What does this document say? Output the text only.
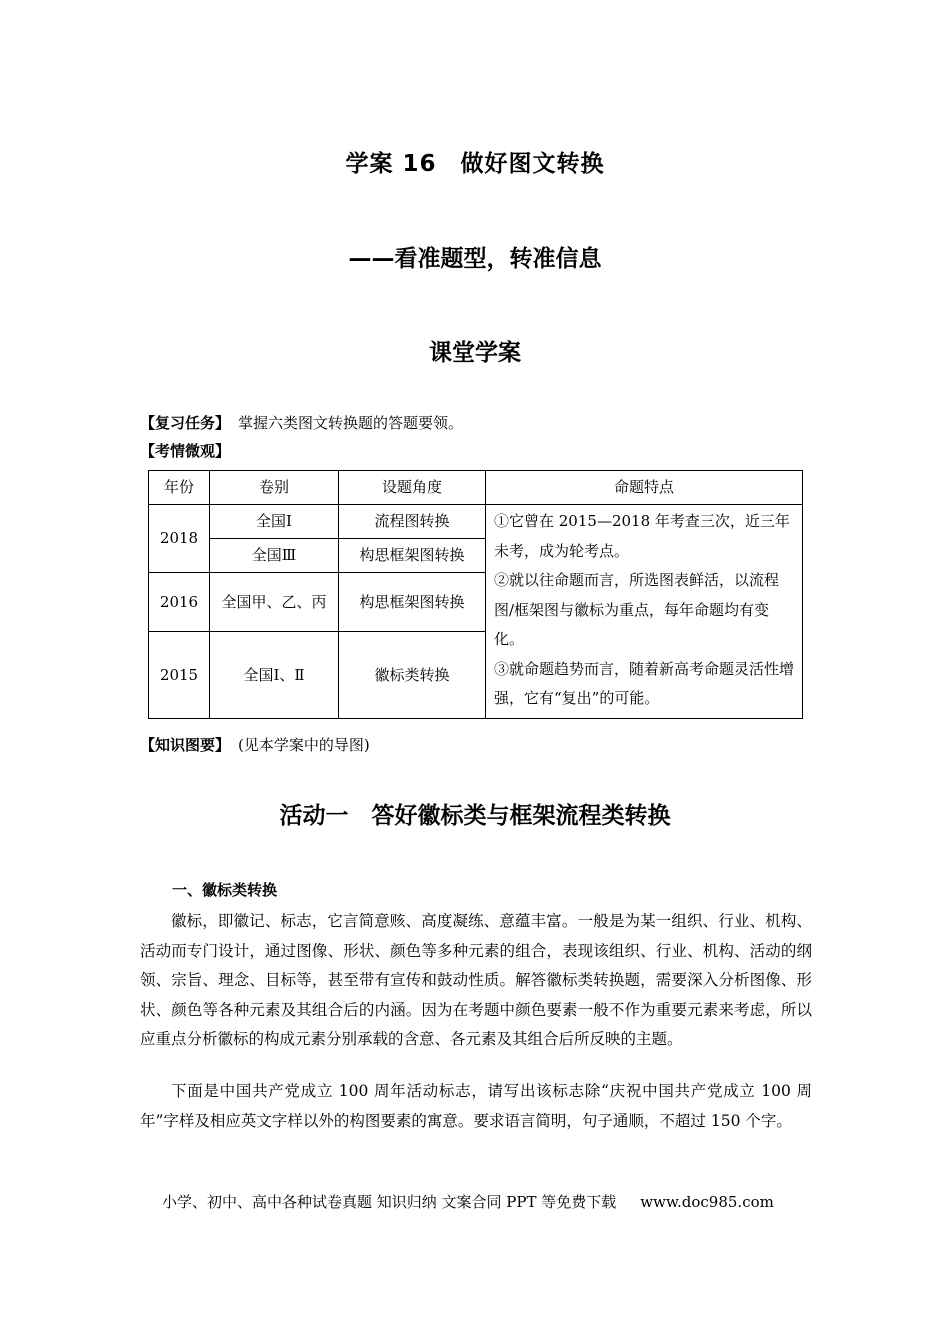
学案 16　做好图文转换
——看准题型，转准信息
课堂学案
【复习任务】 掌握六类图文转换题的答题要领。
【考情微观】
年份	卷别	设题角度	命题特点
2018	全国Ⅰ	流程图转换	①它曾在 2015—2018 年考查三次，近三年未考，成为轮考点。
②就以往命题而言，所选图表鲜活，以流程图/框架图与徽标为重点，每年命题均有变化。
③就命题趋势而言，随着新高考命题灵活性增强，它有“复出”的可能。

	全国Ⅲ	构思框架图转换	
2016	全国甲、乙、丙	构思框架图转换	
2015	全国Ⅰ、Ⅱ	徽标类转换	
【知识图要】 (见本学案中的导图)
活动一　答好徽标类与框架流程类转换
一、徽标类转换

徽标，即徽记、标志，它言简意赅、高度凝练、意蕴丰富。一般是为某一组织、行业、机构、活动而专门设计，通过图像、形状、颜色等多种元素的组合，表现该组织、行业、机构、活动的纲领、宗旨、理念、目标等，甚至带有宣传和鼓动性质。解答徽标类转换题，需要深入分析图像、形状、颜色等各种元素及其组合后的内涵。因为在考题中颜色要素一般不作为重要元素来考虑，所以应重点分析徽标的构成元素分别承载的含意、各元素及其组合后所反映的主题。

下面是中国共产党成立 100 周年活动标志，请写出该标志除“庆祝中国共产党成立 100 周年”字样及相应英文字样以外的构图要素的寓意。要求语言简明，句子通顺，不超过 150 个字。

小学、初中、高中各种试卷真题 知识归纳 文案合同 PPT 等免费下载 www.doc985.com
